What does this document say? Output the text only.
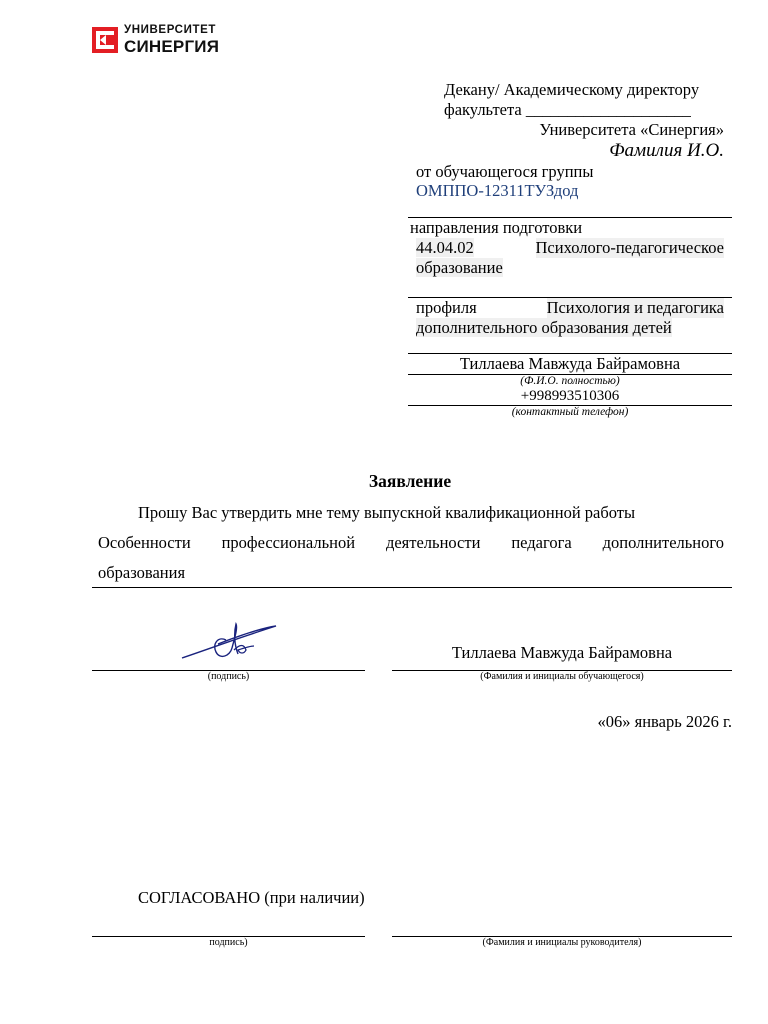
УНИВЕРСИТЕТ
СИНЕРГИЯ
Декану/ Академическому директору
факультета ____________________
Университета «Синергия»
Фамилия И.О.
от обучающегося группы
ОМППО-12311ТУЗдод
направления подготовки
44.04.02	Психолого-педагогическое
образование
профиля	Психология и педагогика
дополнительного образования детей
Тиллаева Мавжуда Байрамовна
(Ф.И.О. полностью)
+998993510306
(контактный телефон)
Заявление
Прошу Вас утвердить мне тему выпускной квалификационной работы
Особенности профессиональной деятельности педагога дополнительного
образования
(подпись)
Тиллаева Мавжуда Байрамовна
(Фамилия и инициалы обучающегося)
«06» январь 2026 г.
СОГЛАСОВАНО (при наличии)
подпись)	(Фамилия и инициалы руководителя)
